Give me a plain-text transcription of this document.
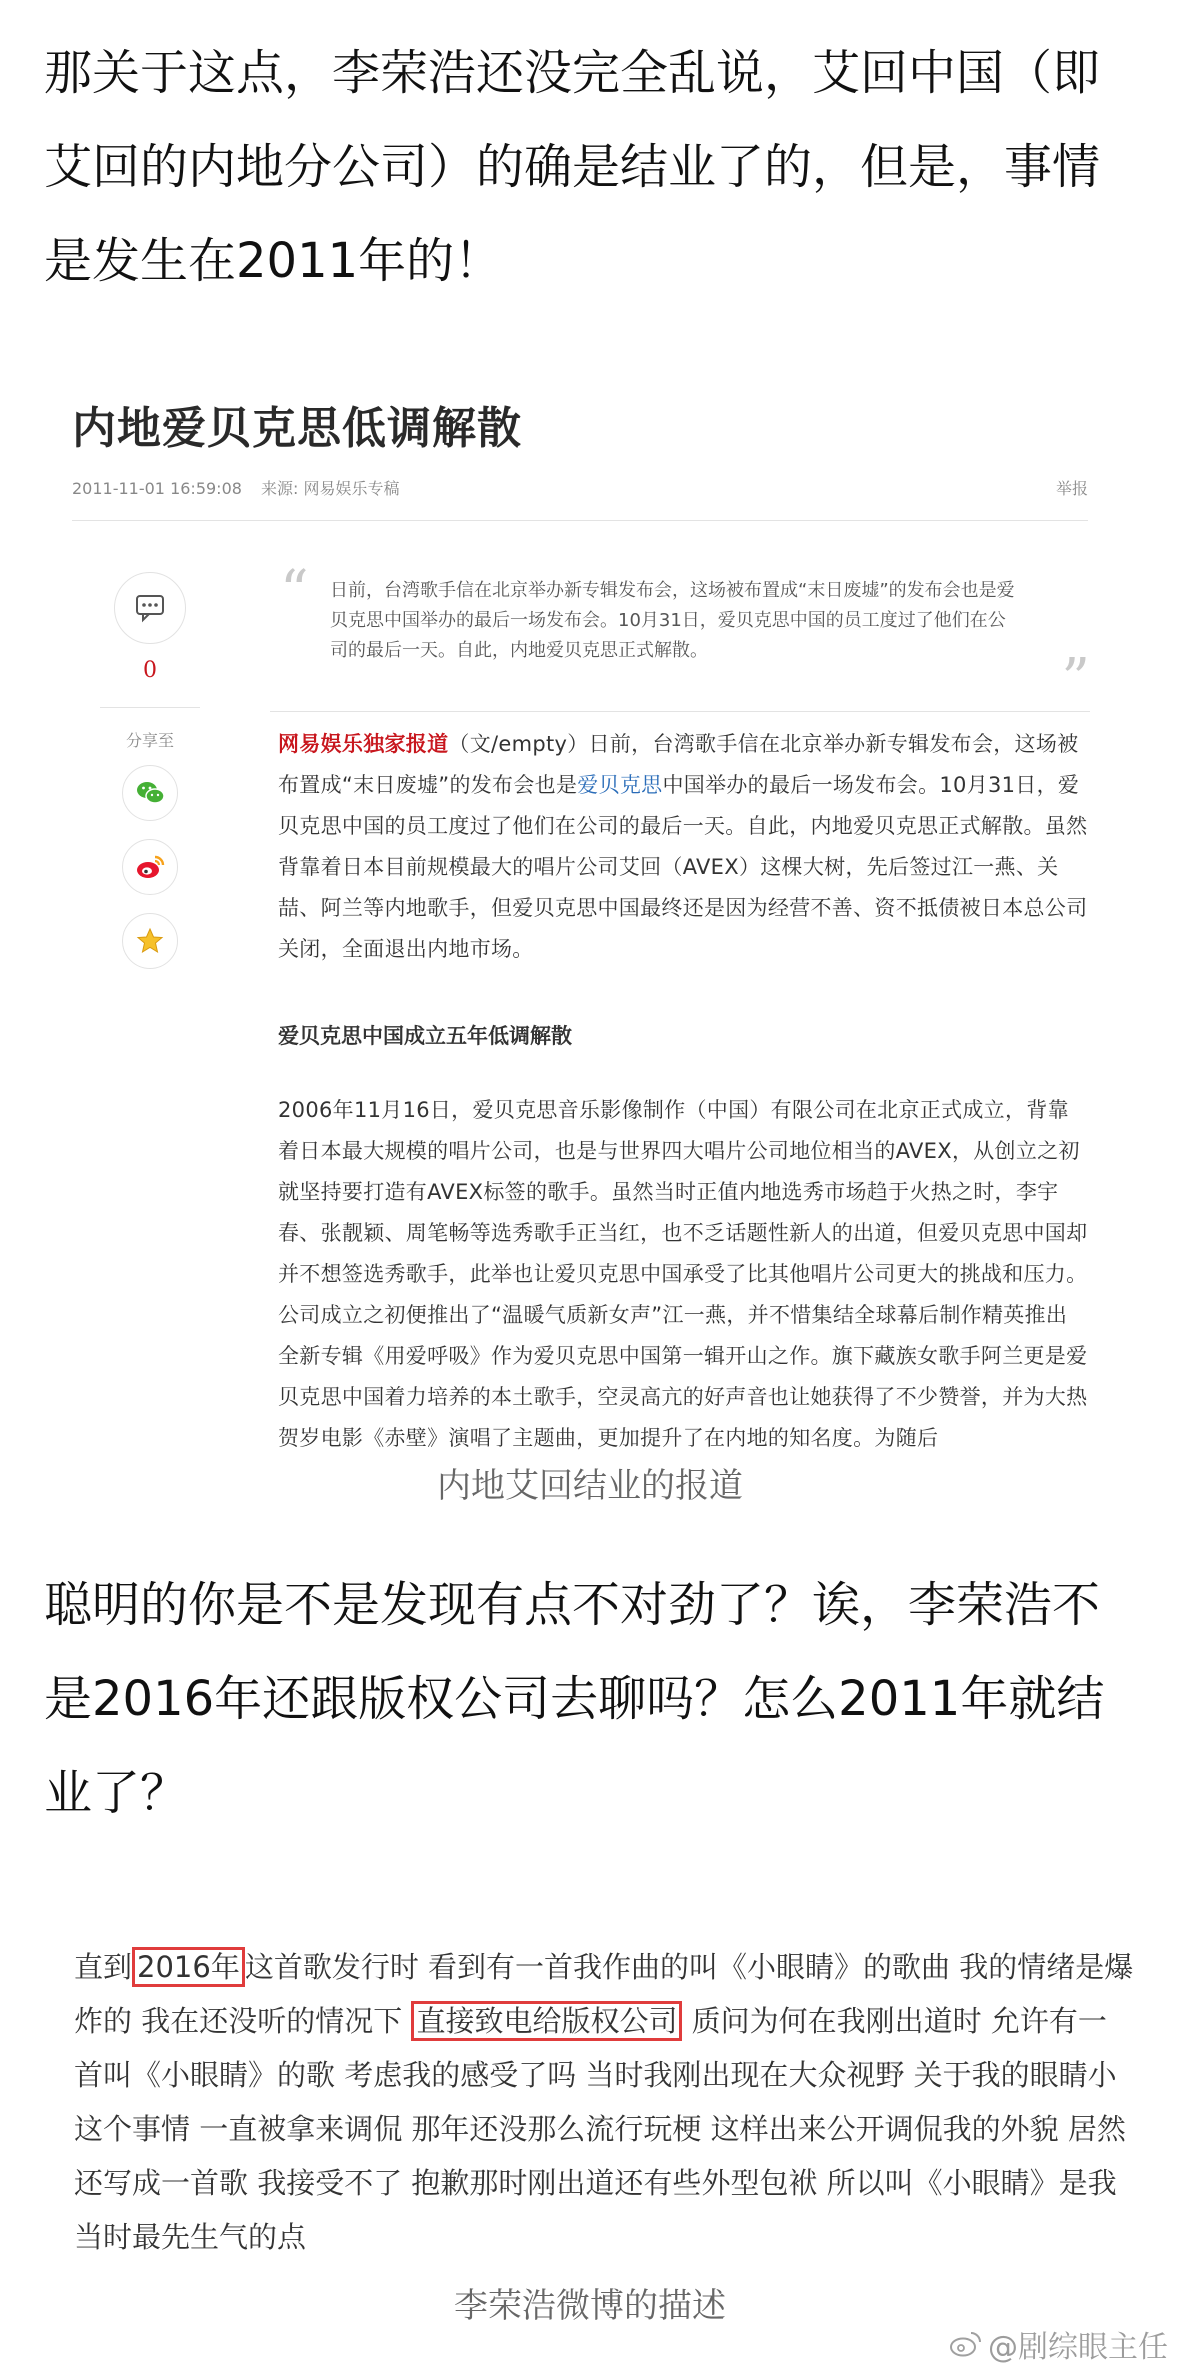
那关于这点，李荣浩还没完全乱说，艾回中国（即艾回的内地分公司）的确是结业了的，但是，事情是发生在2011年的！
内地爱贝克思低调解散
2011-11-01 16:59:08 来源: 网易娱乐专稿	举报
0
分享至
“ 日前，台湾歌手信在北京举办新专辑发布会，这场被布置成“末日废墟”的发布会也是爱贝克思中国举办的最后一场发布会。10月31日，爱贝克思中国的员工度过了他们在公司的最后一天。自此，内地爱贝克思正式解散。	”
网易娱乐独家报道（文/empty）日前，台湾歌手信在北京举办新专辑发布会，这场被布置成“末日废墟”的发布会也是爱贝克思中国举办的最后一场发布会。10月31日，爱贝克思中国的员工度过了他们在公司的最后一天。自此，内地爱贝克思正式解散。虽然背靠着日本目前规模最大的唱片公司艾回（AVEX）这棵大树，先后签过江一燕、关喆、阿兰等内地歌手，但爱贝克思中国最终还是因为经营不善、资不抵债被日本总公司关闭，全面退出内地市场。
爱贝克思中国成立五年低调解散
2006年11月16日，爱贝克思音乐影像制作（中国）有限公司在北京正式成立，背靠着日本最大规模的唱片公司，也是与世界四大唱片公司地位相当的AVEX，从创立之初就坚持要打造有AVEX标签的歌手。虽然当时正值内地选秀市场趋于火热之时，李宇春、张靓颖、周笔畅等选秀歌手正当红，也不乏话题性新人的出道，但爱贝克思中国却并不想签选秀歌手，此举也让爱贝克思中国承受了比其他唱片公司更大的挑战和压力。公司成立之初便推出了“温暖气质新女声”江一燕，并不惜集结全球幕后制作精英推出全新专辑《用爱呼吸》作为爱贝克思中国第一辑开山之作。旗下藏族女歌手阿兰更是爱贝克思中国着力培养的本土歌手，空灵高亢的好声音也让她获得了不少赞誉，并为大热贺岁电影《赤壁》演唱了主题曲，更加提升了在内地的知名度。为随后
内地艾回结业的报道
聪明的你是不是发现有点不对劲了？诶，李荣浩不是2016年还跟版权公司去聊吗？怎么2011年就结业了？
直到 2016年 这首歌发行时 看到有一首我作曲的叫《小眼睛》的歌曲 我的情绪是爆炸的 我在还没听的情况下 直接致电给版权公司 质问为何在我刚出道时 允许有一首叫《小眼睛》的歌 考虑我的感受了吗 当时我刚出现在大众视野 关于我的眼睛小这个事情 一直被拿来调侃 那年还没那么流行玩梗 这样出来公开调侃我的外貌 居然还写成一首歌 我接受不了 抱歉那时刚出道还有些外型包袱 所以叫《小眼睛》是我当时最先生气的点
李荣浩微博的描述
@剧综眼主任
